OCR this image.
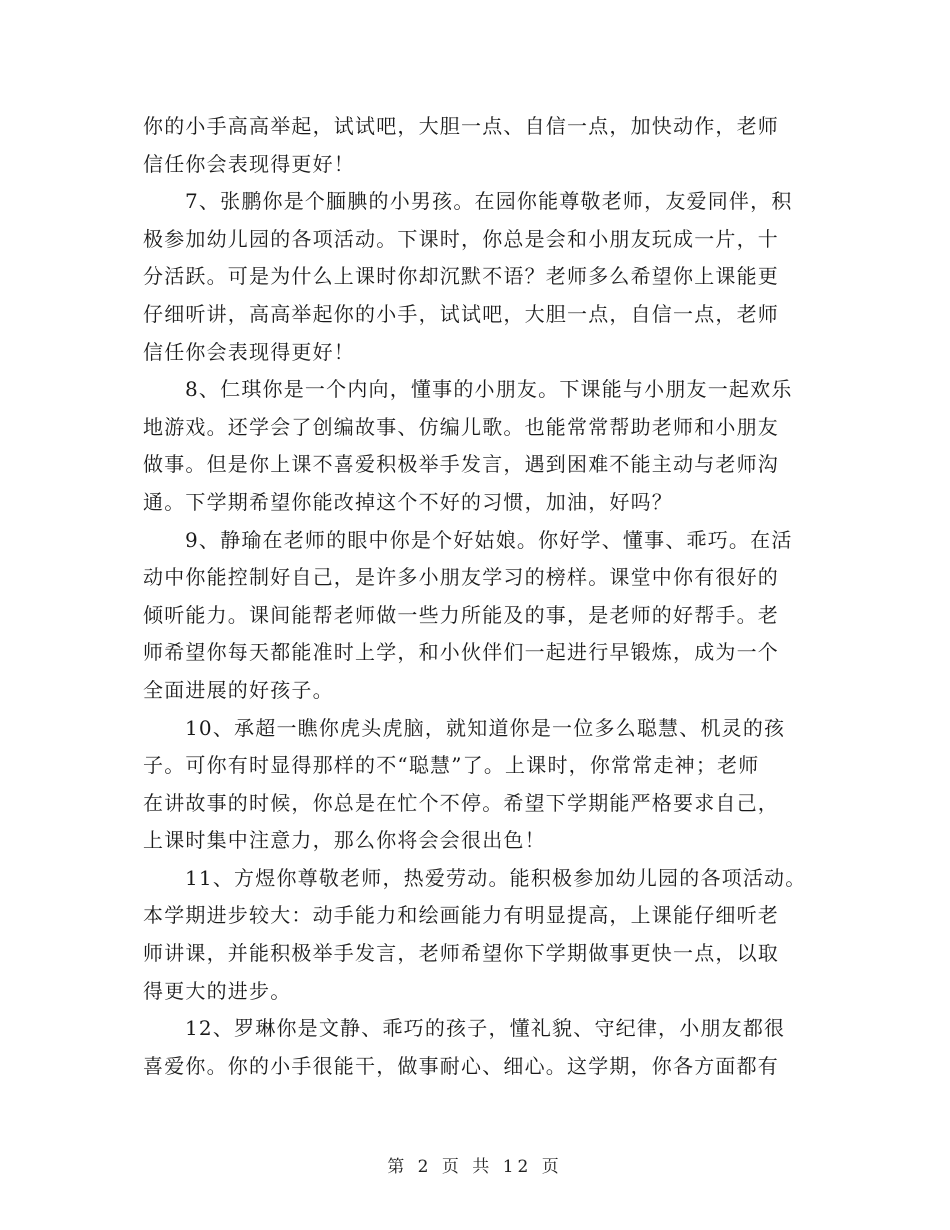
你的小手高高举起，试试吧，大胆一点、自信一点，加快动作，老师
信任你会表现得更好！
7、张鹏你是个腼腆的小男孩。在园你能尊敬老师，友爱同伴，积
极参加幼儿园的各项活动。下课时，你总是会和小朋友玩成一片，十
分活跃。可是为什么上课时你却沉默不语？老师多么希望你上课能更
仔细听讲，高高举起你的小手，试试吧，大胆一点，自信一点，老师
信任你会表现得更好！
8、仁琪你是一个内向，懂事的小朋友。下课能与小朋友一起欢乐
地游戏。还学会了创编故事、仿编儿歌。也能常常帮助老师和小朋友
做事。但是你上课不喜爱积极举手发言，遇到困难不能主动与老师沟
通。下学期希望你能改掉这个不好的习惯，加油，好吗？
9、静瑜在老师的眼中你是个好姑娘。你好学、懂事、乖巧。在活
动中你能控制好自己，是许多小朋友学习的榜样。课堂中你有很好的
倾听能力。课间能帮老师做一些力所能及的事，是老师的好帮手。老
师希望你每天都能准时上学，和小伙伴们一起进行早锻炼，成为一个
全面进展的好孩子。
10、承超一瞧你虎头虎脑，就知道你是一位多么聪慧、机灵的孩
子。可你有时显得那样的不“聪慧”了。上课时，你常常走神；老师
在讲故事的时候，你总是在忙个不停。希望下学期能严格要求自己，
上课时集中注意力，那么你将会会很出色！
11、方煜你尊敬老师，热爱劳动。能积极参加幼儿园的各项活动。
本学期进步较大：动手能力和绘画能力有明显提高，上课能仔细听老
师讲课，并能积极举手发言，老师希望你下学期做事更快一点，以取
得更大的进步。
12、罗琳你是文静、乖巧的孩子，懂礼貌、守纪律，小朋友都很
喜爱你。你的小手很能干，做事耐心、细心。这学期，你各方面都有
第 2 页 共 12 页
